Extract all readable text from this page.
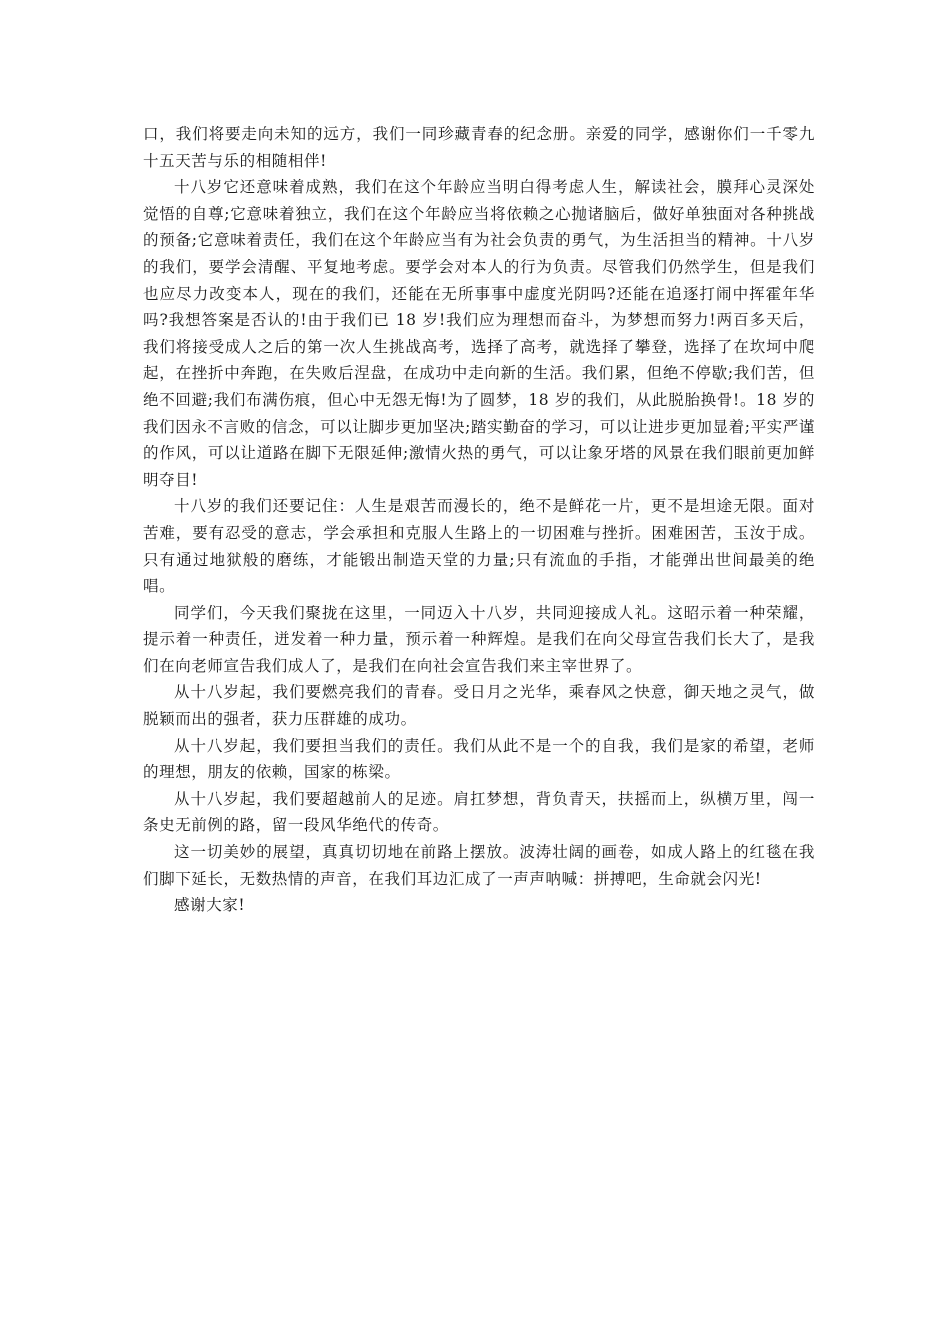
口，我们将要走向未知的远方，我们一同珍藏青春的纪念册。亲爱的同学，感谢你们一千零九十五天苦与乐的相随相伴!

十八岁它还意味着成熟，我们在这个年龄应当明白得考虑人生，解读社会，膜拜心灵深处觉悟的自尊;它意味着独立，我们在这个年龄应当将依赖之心抛诸脑后，做好单独面对各种挑战的预备;它意味着责任，我们在这个年龄应当有为社会负责的勇气，为生活担当的精神。十八岁的我们，要学会清醒、平复地考虑。要学会对本人的行为负责。尽管我们仍然学生，但是我们也应尽力改变本人，现在的我们，还能在无所事事中虚度光阴吗?还能在追逐打闹中挥霍年华吗?我想答案是否认的!由于我们已 18 岁!我们应为理想而奋斗，为梦想而努力!两百多天后，我们将接受成人之后的第一次人生挑战高考，选择了高考，就选择了攀登，选择了在坎坷中爬起，在挫折中奔跑，在失败后涅盘，在成功中走向新的生活。我们累，但绝不停歇;我们苦，但绝不回避;我们布满伤痕，但心中无怨无悔!为了圆梦，18 岁的我们，从此脱胎换骨!。18 岁的我们因永不言败的信念，可以让脚步更加坚决;踏实勤奋的学习，可以让进步更加显着;平实严谨的作风，可以让道路在脚下无限延伸;激情火热的勇气，可以让象牙塔的风景在我们眼前更加鲜明夺目!

十八岁的我们还要记住：人生是艰苦而漫长的，绝不是鲜花一片，更不是坦途无限。面对苦难，要有忍受的意志，学会承担和克服人生路上的一切困难与挫折。困难困苦，玉汝于成。只有通过地狱般的磨练，才能锻出制造天堂的力量;只有流血的手指，才能弹出世间最美的绝唱。

同学们，今天我们聚拢在这里，一同迈入十八岁，共同迎接成人礼。这昭示着一种荣耀，提示着一种责任，迸发着一种力量，预示着一种辉煌。是我们在向父母宣告我们长大了，是我们在向老师宣告我们成人了，是我们在向社会宣告我们来主宰世界了。

从十八岁起，我们要燃亮我们的青春。受日月之光华，乘春风之快意，御天地之灵气，做脱颖而出的强者，获力压群雄的成功。

从十八岁起，我们要担当我们的责任。我们从此不是一个的自我，我们是家的希望，老师的理想，朋友的依赖，国家的栋梁。

从十八岁起，我们要超越前人的足迹。肩扛梦想，背负青天，扶摇而上，纵横万里，闯一条史无前例的路，留一段风华绝代的传奇。

这一切美妙的展望，真真切切地在前路上摆放。波涛壮阔的画卷，如成人路上的红毯在我们脚下延长，无数热情的声音，在我们耳边汇成了一声声呐喊：拼搏吧，生命就会闪光!

感谢大家!
